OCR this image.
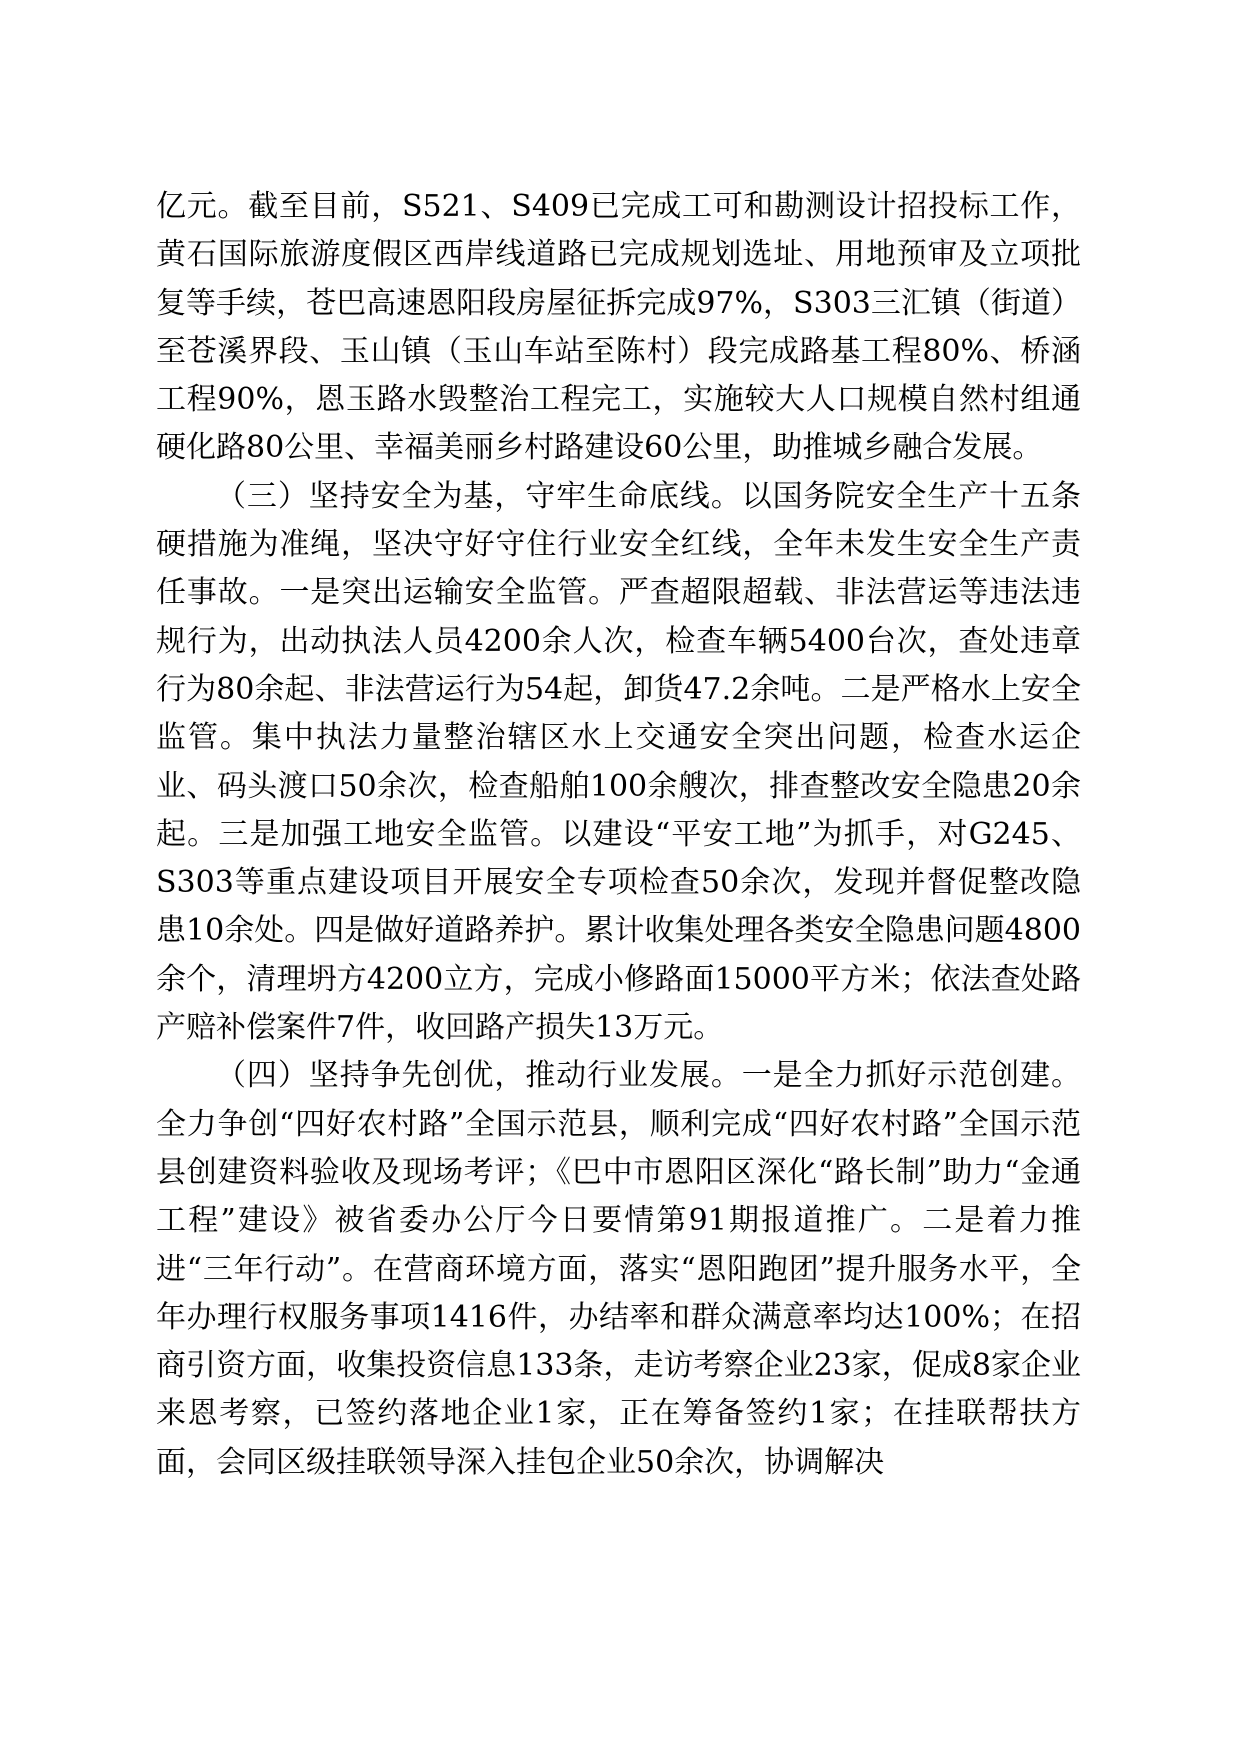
亿元。截至目前，S521、S409已完成工可和勘测设计招投标工作，黄石国际旅游度假区西岸线道路已完成规划选址、用地预审及立项批复等手续，苍巴高速恩阳段房屋征拆完成97%，S303三汇镇（街道）至苍溪界段、玉山镇（玉山车站至陈村）段完成路基工程80%、桥涵工程90%，恩玉路水毁整治工程完工，实施较大人口规模自然村组通硬化路80公里、幸福美丽乡村路建设60公里，助推城乡融合发展。

（三）坚持安全为基，守牢生命底线。以国务院安全生产十五条硬措施为准绳，坚决守好守住行业安全红线，全年未发生安全生产责任事故。一是突出运输安全监管。严查超限超载、非法营运等违法违规行为，出动执法人员4200余人次，检查车辆5400台次，查处违章行为80余起、非法营运行为54起，卸货47.2余吨。二是严格水上安全监管。集中执法力量整治辖区水上交通安全突出问题，检查水运企业、码头渡口50余次，检查船舶100余艘次，排查整改安全隐患20余起。三是加强工地安全监管。以建设“平安工地”为抓手，对G245、S303等重点建设项目开展安全专项检查50余次，发现并督促整改隐患10余处。四是做好道路养护。累计收集处理各类安全隐患问题4800余个，清理坍方4200立方，完成小修路面15000平方米；依法查处路产赔补偿案件7件，收回路产损失13万元。

（四）坚持争先创优，推动行业发展。一是全力抓好示范创建。全力争创“四好农村路”全国示范县，顺利完成“四好农村路”全国示范县创建资料验收及现场考评；《巴中市恩阳区深化“路长制”助力“金通工程”建设》被省委办公厅今日要情第91期报道推广。二是着力推进“三年行动”。在营商环境方面，落实“恩阳跑团”提升服务水平，全年办理行权服务事项1416件，办结率和群众满意率均达100%；在招商引资方面，收集投资信息133条，走访考察企业23家，促成8家企业来恩考察，已签约落地企业1家，正在筹备签约1家；在挂联帮扶方面，会同区级挂联领导深入挂包企业50余次，协调解决
